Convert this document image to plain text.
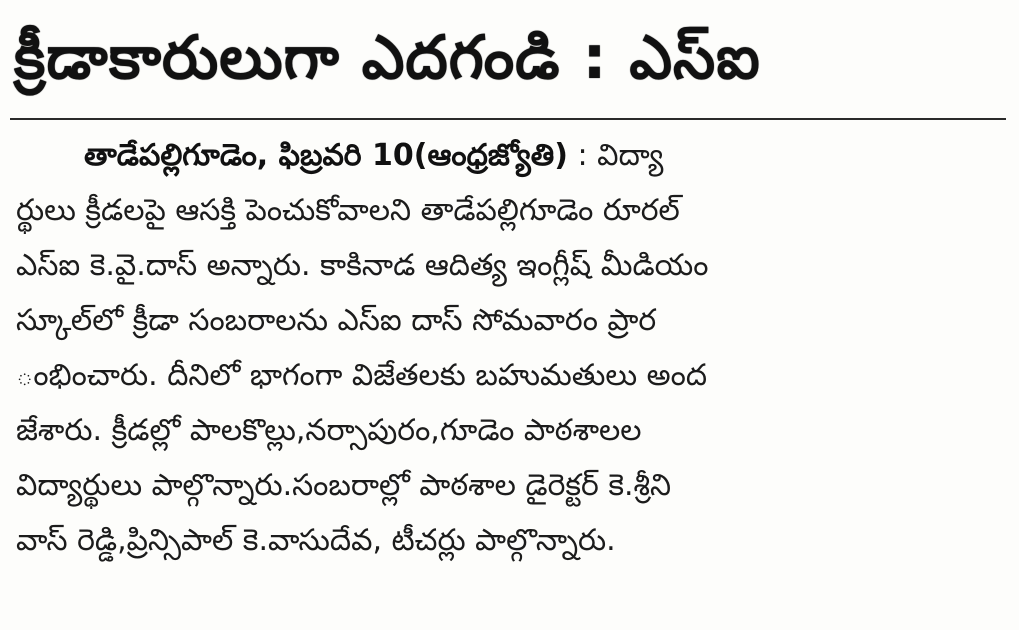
క్రీడాకారులుగా ఎదగండి : ఎస్ఐ
తాడేపల్లిగూడెం, ఫిబ్రవరి 10(ఆంధ్రజ్యోతి) : విద్యా
ర్థులు క్రీడలపై ఆసక్తి పెంచుకోవాలని తాడేపల్లిగూడెం రూరల్
ఎస్ఐ కె.వై.దాస్ అన్నారు. కాకినాడ ఆదిత్య ఇంగ్లీష్ మీడియం
స్కూల్‌లో క్రీడా సంబరాలను ఎస్ఐ దాస్ సోమవారం ప్రార
ంభించారు. దీనిలో భాగంగా విజేతలకు బహుమతులు అంద
జేశారు. క్రీడల్లో పాలకొల్లు,నర్సాపురం,గూడెం పాఠశాలల
విద్యార్థులు పాల్గొన్నారు.సంబరాల్లో పాఠశాల డైరెక్టర్ కె.శ్రీని
వాస్ రెడ్డి,ప్రిన్సిపాల్ కె.వాసుదేవ, టీచర్లు పాల్గొన్నారు.
